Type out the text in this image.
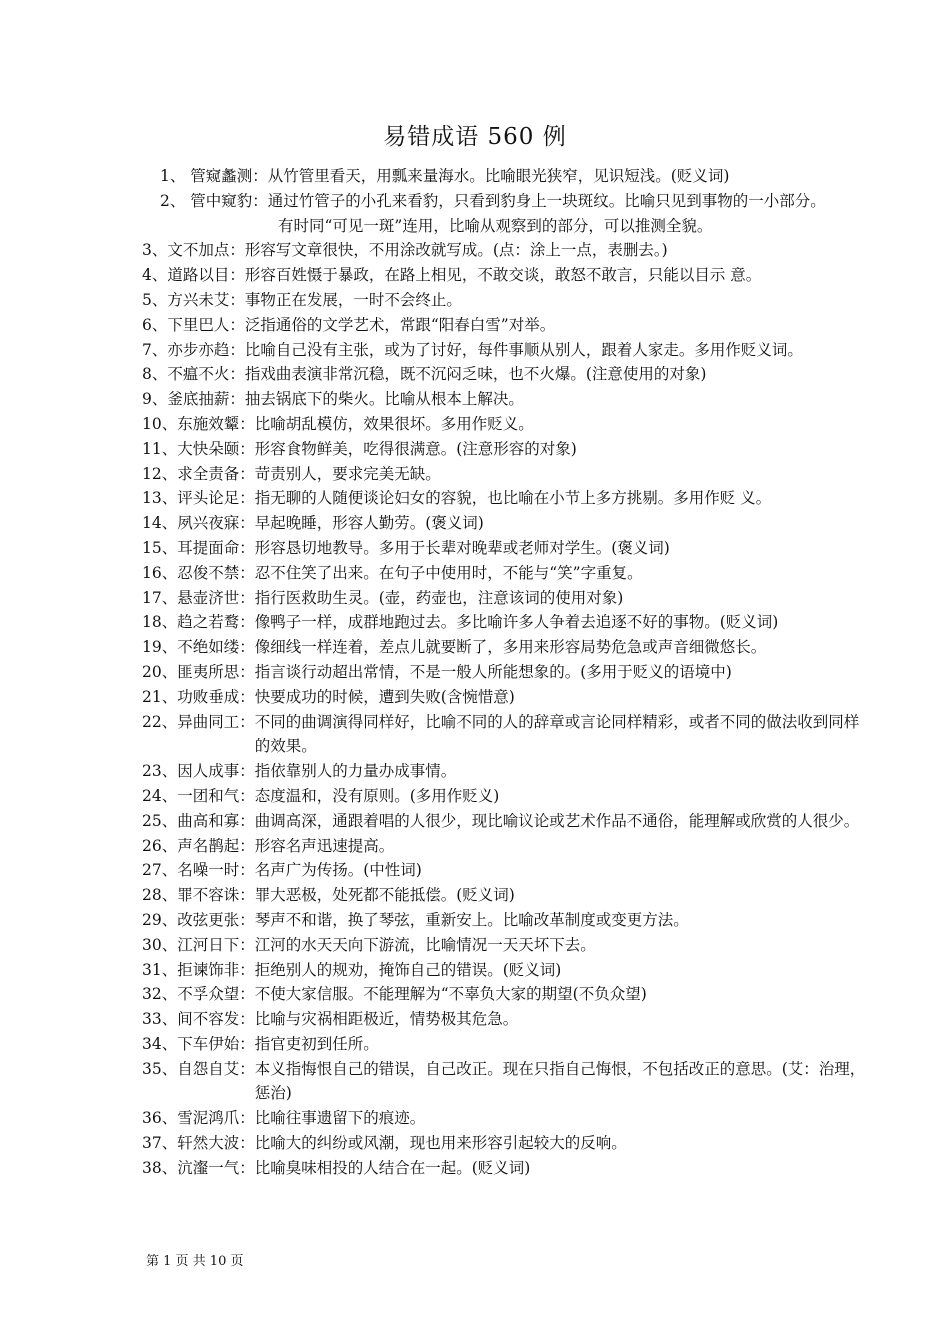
易错成语 560 例
1、 管窥蠡测：从竹管里看天，用瓢来量海水。比喻眼光狭窄，见识短浅。(贬义词)
2、 管中窥豹：通过竹管子的小孔来看豹，只看到豹身上一块斑纹。比喻只见到事物的一小部分。
有时同“可见一斑”连用，比喻从观察到的部分，可以推测全貌。
3、文不加点：形容写文章很快，不用涂改就写成。(点：涂上一点，表删去。)
4、道路以目：形容百姓慑于暴政，在路上相见，不敢交谈，敢怒不敢言，只能以目示 意。
5、方兴未艾：事物正在发展，一时不会终止。
6、下里巴人：泛指通俗的文学艺术，常跟“阳春白雪”对举。
7、亦步亦趋：比喻自己没有主张，或为了讨好，每件事顺从别人，跟着人家走。多用作贬义词。
8、不瘟不火：指戏曲表演非常沉稳，既不沉闷乏味，也不火爆。(注意使用的对象)
9、釜底抽薪：抽去锅底下的柴火。比喻从根本上解决。
10、东施效颦：比喻胡乱模仿，效果很坏。多用作贬义。
11、大快朵颐：形容食物鲜美，吃得很满意。(注意形容的对象)
12、求全责备：苛责别人，要求完美无缺。
13、评头论足：指无聊的人随便谈论妇女的容貌，也比喻在小节上多方挑剔。多用作贬 义。
14、夙兴夜寐：早起晚睡，形容人勤劳。(褒义词)
15、耳提面命：形容恳切地教导。多用于长辈对晚辈或老师对学生。(褒义词)
16、忍俊不禁：忍不住笑了出来。在句子中使用时，不能与“笑”字重复。
17、悬壶济世：指行医救助生灵。(壶，药壶也，注意该词的使用对象)
18、趋之若鹜：像鸭子一样，成群地跑过去。多比喻许多人争着去追逐不好的事物。(贬义词)
19、不绝如缕：像细线一样连着，差点儿就要断了，多用来形容局势危急或声音细微悠长。
20、匪夷所思：指言谈行动超出常情，不是一般人所能想象的。(多用于贬义的语境中)
21、功败垂成：快要成功的时候，遭到失败(含惋惜意)
22、异曲同工： 不同的曲调演得同样好，比喻不同的人的辞章或言论同样精彩，或者不同的做法收到同样的效果。
23、因人成事：指依靠别人的力量办成事情。
24、一团和气：态度温和，没有原则。(多用作贬义)
25、曲高和寡： 曲调高深，通跟着唱的人很少，现比喻议论或艺术作品不通俗，能理解或欣赏的人很少。
26、声名鹊起：形容名声迅速提高。
27、名噪一时：名声广为传扬。(中性词)
28、罪不容诛：罪大恶极，处死都不能抵偿。(贬义词)
29、改弦更张：琴声不和谐，换了琴弦，重新安上。比喻改革制度或变更方法。
30、江河日下：江河的水天天向下游流，比喻情况一天天坏下去。
31、拒谏饰非：拒绝别人的规劝，掩饰自己的错误。(贬义词)
32、不孚众望：不使大家信服。不能理解为“不辜负大家的期望(不负众望)
33、间不容发：比喻与灾祸相距极近，情势极其危急。
34、下车伊始：指官吏初到任所。
35、自怨自艾： 本义指悔恨自己的错误，自己改正。现在只指自己悔恨，不包括改正的意思。(艾：治理，惩治)
36、雪泥鸿爪：比喻往事遗留下的痕迹。
37、轩然大波：比喻大的纠纷或风潮，现也用来形容引起较大的反响。
38、沆瀣一气：比喻臭味相投的人结合在一起。(贬义词)
第 1 页 共 10 页
